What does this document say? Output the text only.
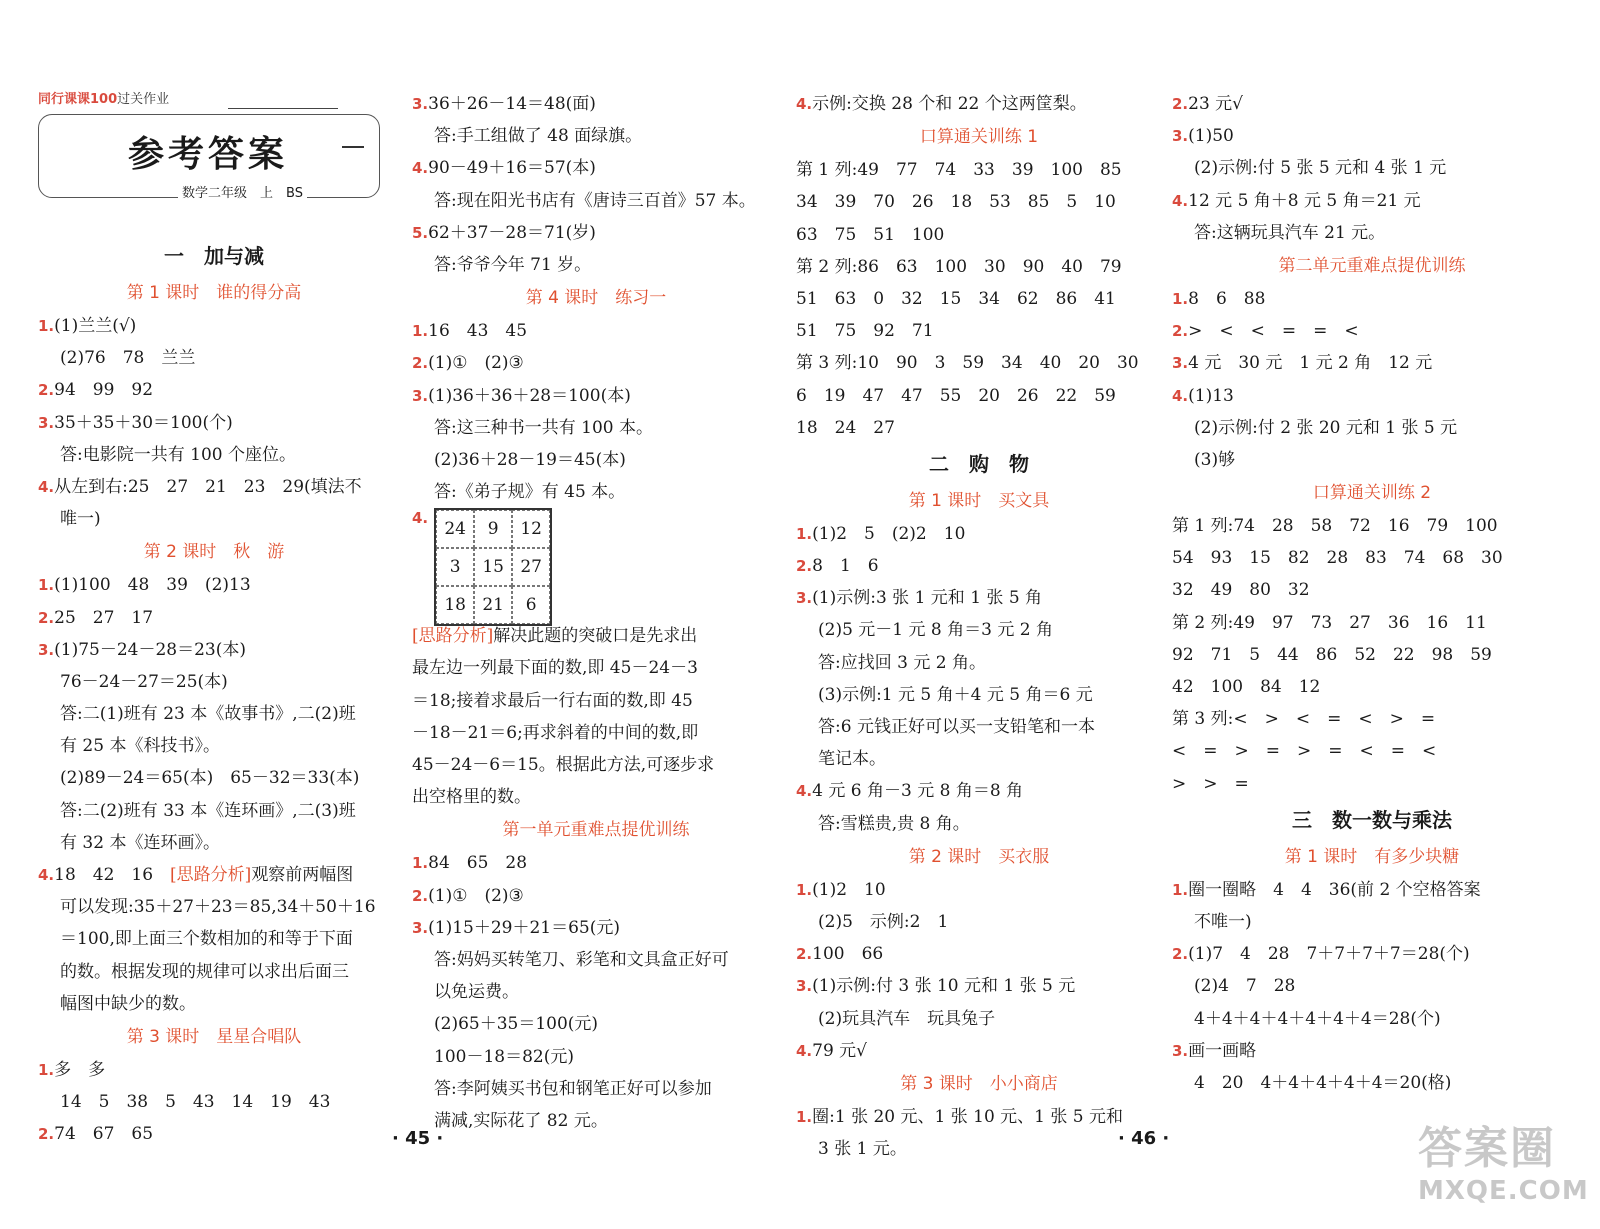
同行课课100过关作业
参考答案
数学二年级　上　BS
一　加与减
第 1 课时　谁的得分高
1.(1)兰兰(√)
(2)76　78　兰兰
2.94　99　92
3.35＋35＋30＝100(个)
答:电影院一共有 100 个座位。
4.从左到右:25　27　21　23　29(填法不
唯一)
第 2 课时　秋　游
1.(1)100　48　39　(2)13
2.25　27　17
3.(1)75－24－28＝23(本)
76－24－27＝25(本)
答:二(1)班有 23 本《故事书》,二(2)班
有 25 本《科技书》。
(2)89－24＝65(本)　65－32＝33(本)
答:二(2)班有 33 本《连环画》,二(3)班
有 32 本《连环画》。
4.18　42　16　[思路分析]观察前两幅图
可以发现:35＋27＋23＝85,34＋50＋16
＝100,即上面三个数相加的和等于下面
的数。根据发现的规律可以求出后面三
幅图中缺少的数。
第 3 课时　星星合唱队
1.多　多
14　5　38　5　43　14　19　43
2.74　67　65
3.36＋26－14＝48(面)
答:手工组做了 48 面绿旗。
4.90－49＋16＝57(本)
答:现在阳光书店有《唐诗三百首》57 本。
5.62＋37－28＝71(岁)
答:爷爷今年 71 岁。
第 4 课时　练习一
1.16　43　45
2.(1)①　(2)③
3.(1)36＋36＋28＝100(本)
答:这三种书一共有 100 本。
(2)36＋28－19＝45(本)
答:《弟子规》有 45 本。
4.
24	9	12
3	15 27
18 21	6
[思路分析]解决此题的突破口是先求出
最左边一列最下面的数,即 45－24－3
＝18;接着求最后一行右面的数,即 45
－18－21＝6;再求斜着的中间的数,即
45－24－6＝15。根据此方法,可逐步求
出空格里的数。
第一单元重难点提优训练
1.84　65　28
2.(1)①　(2)③
3.(1)15＋29＋21＝65(元)
答:妈妈买转笔刀、彩笔和文具盒正好可
以免运费。
(2)65＋35＝100(元)
100－18＝82(元)
答:李阿姨买书包和钢笔正好可以参加
满减,实际花了 82 元。
4.示例:交换 28 个和 22 个这两筐梨。
口算通关训练 1
第 1 列:49　77　74　33　39　100　85
34　39　70　26　18　53　85　5　10
63　75　51　100
第 2 列:86　63　100　30　90　40　79
51　63　0　32　15　34　62　86　41
51　75　92　71
第 3 列:10　90　3　59　34　40　20　30
6　19　47　47　55　20　26　22　59
18　24　27
二　购　物
第 1 课时　买文具
1.(1)2　5　(2)2　10
2.8　1　6
3.(1)示例:3 张 1 元和 1 张 5 角
(2)5 元－1 元 8 角＝3 元 2 角
答:应找回 3 元 2 角。
(3)示例:1 元 5 角＋4 元 5 角＝6 元
答:6 元钱正好可以买一支铅笔和一本
笔记本。
4.4 元 6 角－3 元 8 角＝8 角
答:雪糕贵,贵 8 角。
第 2 课时　买衣服
1.(1)2　10
(2)5　示例:2　1
2.100　66
3.(1)示例:付 3 张 10 元和 1 张 5 元
(2)玩具汽车　玩具兔子
4.79 元√
第 3 课时　小小商店
1.圈:1 张 20 元、1 张 10 元、1 张 5 元和
3 张 1 元。
2.23 元√
3.(1)50
(2)示例:付 5 张 5 元和 4 张 1 元
4.12 元 5 角＋8 元 5 角＝21 元
答:这辆玩具汽车 21 元。
第二单元重难点提优训练
1.8　6　88
2.>　<　<　=　=　<
3.4 元　30 元　1 元 2 角　12 元
4.(1)13
(2)示例:付 2 张 20 元和 1 张 5 元
(3)够
口算通关训练 2
第 1 列:74　28　58　72　16　79　100
54　93　15　82　28　83　74　68　30
32　49　80　32
第 2 列:49　97　73　27　36　16　11
92　71　5　44　86　52　22　98　59
42　100　84　12
第 3 列:<　>　<　=　<　>　=
<　=　>　=　>　=　<　=　<
>　>　=
三　数一数与乘法
第 1 课时　有多少块糖
1.圈一圈略　4　4　36(前 2 个空格答案
不唯一)
2.(1)7　4　28　7＋7＋7＋7＝28(个)
(2)4　7　28
4＋4＋4＋4＋4＋4＋4＝28(个)
3.画一画略
4　20　4＋4＋4＋4＋4＝20(格)
· 45 ·	· 46 ·	答案圈
MXQE.COM
